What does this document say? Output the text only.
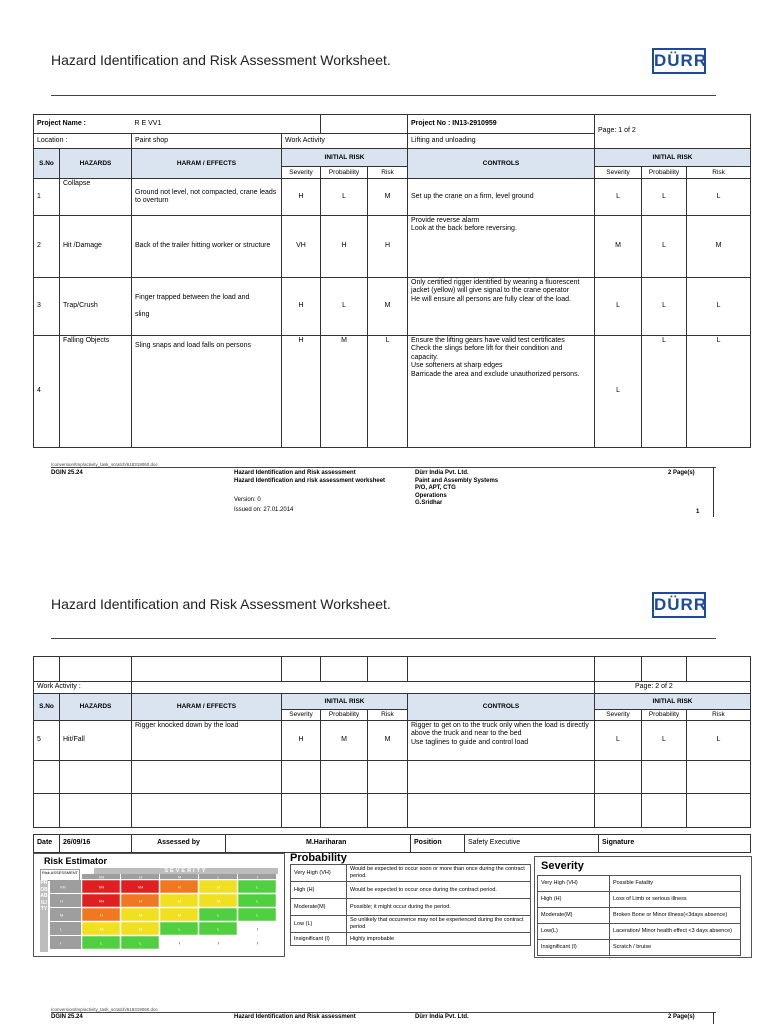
Hazard Identification and Risk Assessment Worksheet.	DÜRR
Project Name :		R E VV1				Project No : IN13-2910959	Page: 1 of 2		
Location :		Paint shop	Work Activity			Lifting and unloading			
S.No	HAZARDS	HARAM / EFFECTS	INITIAL RISK			CONTROLS	INITIAL RISK		
			Severity	Probability	Risk		Severity	Probability	Risk
1	Collapse	Ground not level, not compacted, crane leads to overturn	H	L	M	Set up the crane on a firm, level ground	L	L	L
2	Hit /Damage	Back of the trailer hitting worker or structure	VH	H	H	Provide reverse alarm
Look at the back before reversing.	M	L	M
3	Trap/Crush	Finger trapped between the load and

sling	H	L	M	Only certified rigger identified by wearing a fluorescent jacket (yellow) will give signal to the crane operator
He will ensure all persons are fully clear of the load.	L	L	L
4	Falling Objects	Sling snaps and load falls on persons	H	M	L	Ensure the lifting gears have valid test certificates
Check the slings before lift for their condition and capacity.
Use softeners at sharp edges
Barricade the area and exclude unauthorized persons.	L	L	L
/conversion/tmp/activity_task_scratch/618319060.doc
DGIN 25.24	Hazard Identification and Risk assessment
Hazard Identification and risk assessment worksheet
Version: 0
Issued on: 27.01.2014
Dürr India Pvt. Ltd.
Paint and Assembly Systems
P/O, APT, CTG
Operations
G.Sridhar
2 Page(s)
1
Hazard Identification and Risk Assessment Worksheet.	DÜRR

Work Activity :							Page: 2 of 2		
S.No	HAZARDS	HARAM / EFFECTS	INITIAL RISK			CONTROLS	INITIAL RISK		
			Severity	Probability	Risk		Severity	Probability	Risk
5	Hit/Fall	Rigger knocked down by the load	H	M	M	Rigger to get on to the truck only when the load is directly above the truck and near to the bed
Use taglines to guide and control load	L	L	L

Date	26/09/16	Assessed by	M.Hariharan	Position	Safety Executive	Signature
Risk Estimator
Risk ASSESSMENT	SEVERITY
PROBABILITY
VH	H	M	L	I
VH	VH	VH	H	M	L
H	VH	H	M	M	L
M	H	M	M	L	L
L	M	M	L	L	I
I	L	L	I	I	I
Probability
Very High (VH)	Would be expected to occur soon or more than once during the contract period.
High (H)	Would be expected to occur once during the contract period.
Moderate(M)	Possible; it might occur during the period.
Low (L)	So unlikely that occurrence may not be experienced during the contract period
Insignificant (I)	Highly improbable
Severity
Very High (VH)	Possible Fatality
High (H)	Loss of Limb or serious illness
Moderate(M)	Broken Bone or Minor illness(<3days absence)
Low(L)	Laceration/ Minor health effect <3 days absence)
Insignificant (I)	Scratch / bruise
/conversion/tmp/activity_task_scratch/618319060.doc
DGIN 25.24	Hazard Identification and Risk assessment	Dürr India Pvt. Ltd.	2 Page(s)
